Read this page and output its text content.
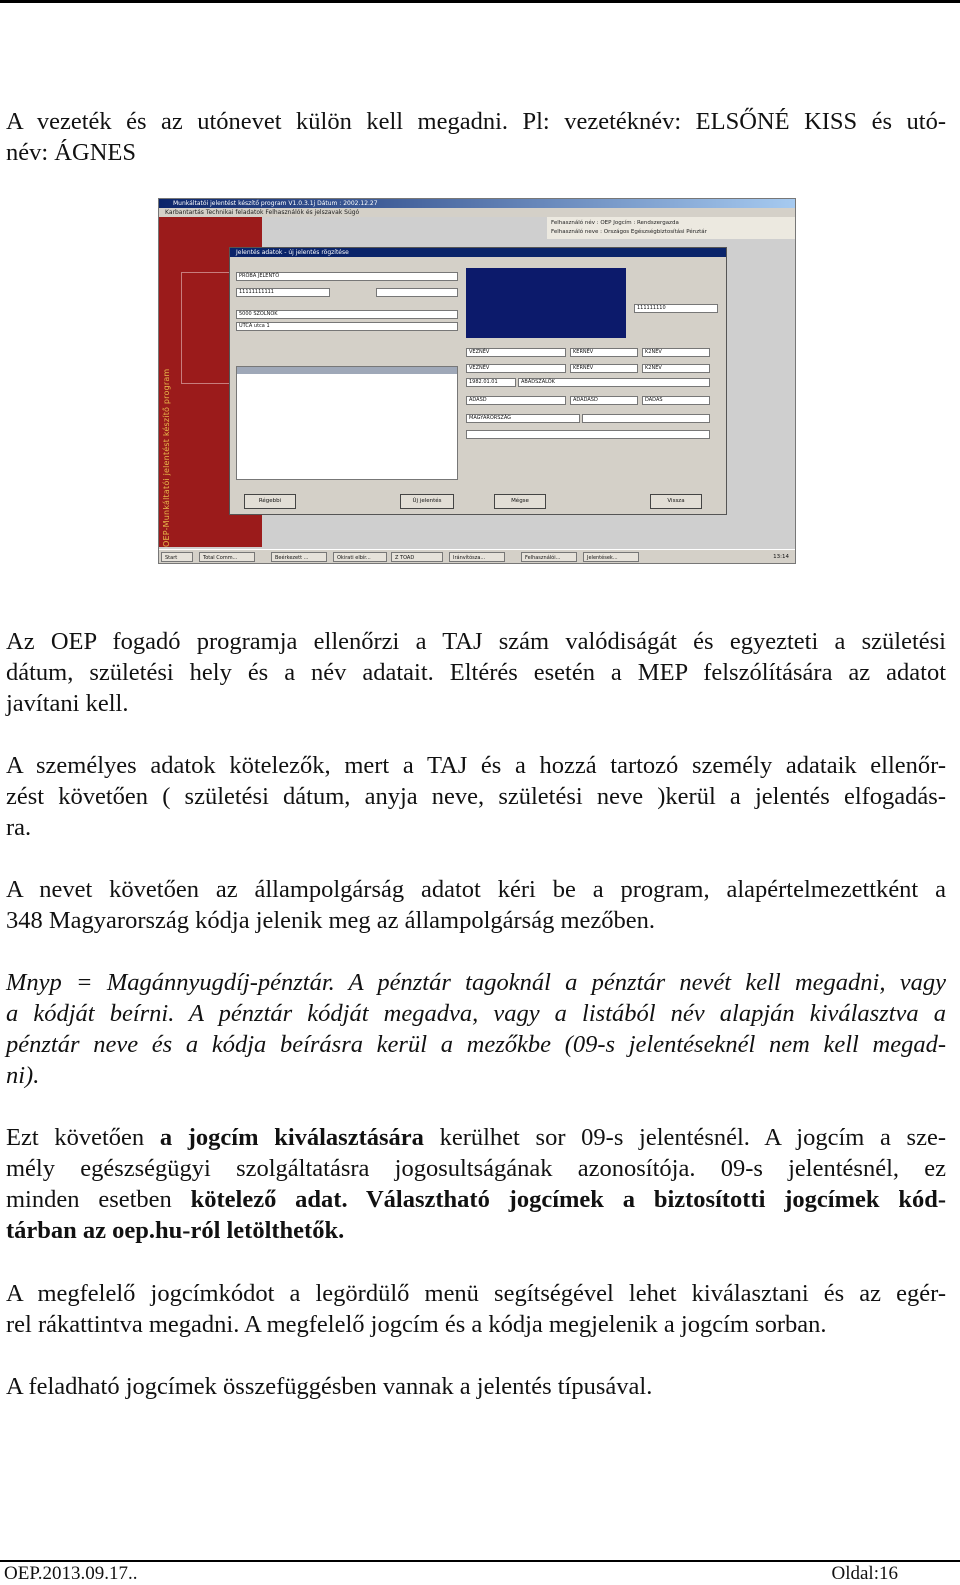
A vezeték és az utónevet külön kell megadni. Pl: vezetéknév: ELSŐNÉ KISS és utó-
név: ÁGNES
Munkáltatói jelentést készítő program V1.0.3.1j Dátum : 2002.12.27
Karbantartás Technikai feladatok Felhasználók és jelszavak Súgó
OEP-Munkáltatói jelentést készítő program
Felhasználó név : OEP Jogcím : Rendszergazda
Felhasználó neve : Országos Egészségbiztosítási Pénztár
Jelentés adatok - új jelentés rögzítése
PRÓBA JELENTŐ
11111111111
5000 SZOLNOK
UTCA utca 1
111111110
VEZNÉV	KERNÉV	K2NÉV
VEZNÉV	KERNÉV	K2NÉV
1982.01.01	ABÁDSZALÓK
ADASD	ADADASD	DADAS
MAGYARORSZÁG
Régebbi	Új jelentés	Mégse	Vissza
Start	Total Comm...	Beérkezett ...	Okirati elbír...	Z TOAD	Iránvítósza...	Felhasználói...	Jelentések...	13:14
Az OEP fogadó programja ellenőrzi a TAJ szám valódiságát és egyezteti a születési
dátum, születési hely és a név adatait. Eltérés esetén a MEP felszólítására az adatot
javítani kell.
A személyes adatok kötelezők, mert a TAJ és a hozzá tartozó személy adataik ellenőr-
zést követően ( születési dátum, anyja neve, születési neve )kerül a jelentés elfogadás-
ra.
A nevet követően az állampolgárság adatot kéri be a program, alapértelmezettként a
348 Magyarország kódja jelenik meg az állampolgárság mezőben.
Mnyp = Magánnyugdíj-pénztár. A pénztár tagoknál a pénztár nevét kell megadni, vagy
a kódját beírni. A pénztár kódját megadva, vagy a listából név alapján kiválasztva a
pénztár neve és a kódja beírásra kerül a mezőkbe (09-s jelentéseknél nem kell megad-
ni).
Ezt követően a jogcím kiválasztására kerülhet sor 09-s jelentésnél. A jogcím a sze-
mély egészségügyi szolgáltatásra jogosultságának azonosítója. 09-s jelentésnél, ez
minden esetben kötelező adat. Választható jogcímek a biztosítotti jogcímek kód-
tárban az oep.hu-ról letölthetők.
A megfelelő jogcímkódot a legördülő menü segítségével lehet kiválasztani és az egér-
rel rákattintva megadni. A megfelelő jogcím és a kódja megjelenik a jogcím sorban.
A feladható jogcímek összefüggésben vannak a jelentés típusával.
OEP.2013.09.17..	Oldal:16
